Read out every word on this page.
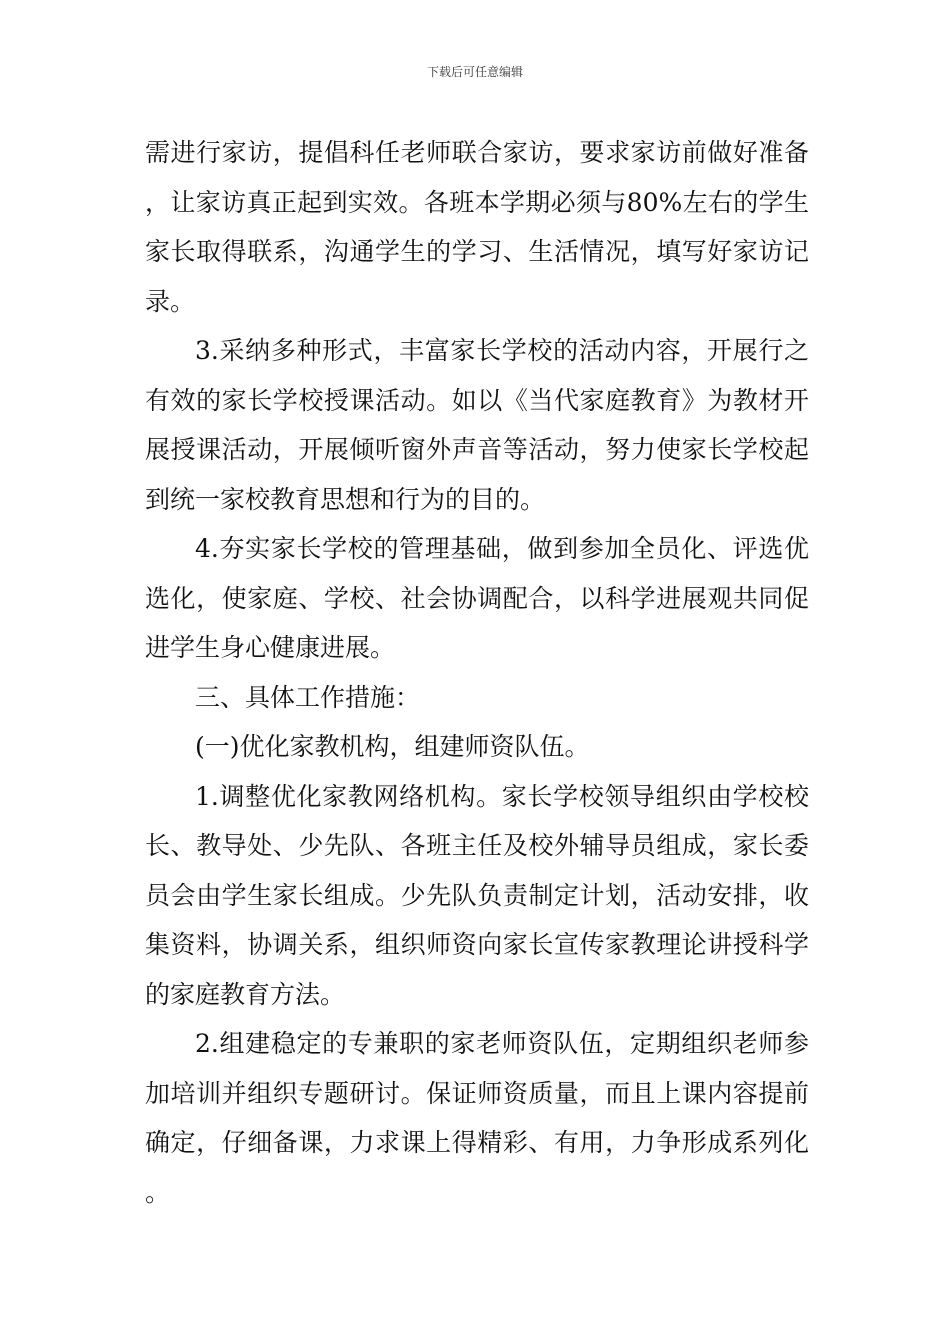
下载后可任意编辑

需进行家访，提倡科任老师联合家访，要求家访前做好准备，让家访真正起到实效。各班本学期必须与80%左右的学生家长取得联系，沟通学生的学习、生活情况，填写好家访记录。

3.采纳多种形式，丰富家长学校的活动内容，开展行之有效的家长学校授课活动。如以《当代家庭教育》为教材开展授课活动，开展倾听窗外声音等活动，努力使家长学校起到统一家校教育思想和行为的目的。

4.夯实家长学校的管理基础，做到参加全员化、评选优选化，使家庭、学校、社会协调配合，以科学进展观共同促进学生身心健康进展。

三、具体工作措施：

(一)优化家教机构，组建师资队伍。

1.调整优化家教网络机构。家长学校领导组织由学校校长、教导处、少先队、各班主任及校外辅导员组成，家长委员会由学生家长组成。少先队负责制定计划，活动安排，收集资料，协调关系，组织师资向家长宣传家教理论讲授科学的家庭教育方法。

2.组建稳定的专兼职的家老师资队伍，定期组织老师参加培训并组织专题研讨。保证师资质量，而且上课内容提前确定，仔细备课，力求课上得精彩、有用，力争形成系列化。
